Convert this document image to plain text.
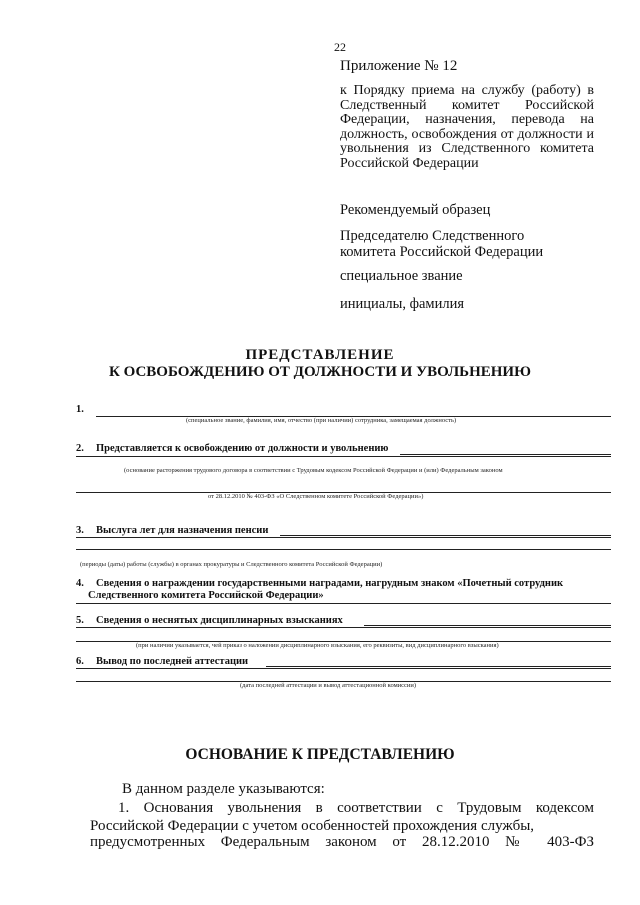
22
Приложение № 12
к Порядку приема на службу (работу) в Следственный комитет Российской Федерации, назначения, перевода на должность, освобождения от должности и увольнения из Следственного комитета Российской Федерации
Рекомендуемый образец
Председателю Следственного комитета Российской Федерации
специальное звание
инициалы, фамилия
ПРЕДСТАВЛЕНИЕ
К ОСВОБОЖДЕНИЮ ОТ ДОЛЖНОСТИ И УВОЛЬНЕНИЮ
1.
(специальное звание, фамилия, имя, отчество (при наличии) сотрудника, замещаемая должность)
2. Представляется к освобождению от должности и увольнению
(основание расторжения трудового договора в соответствии с Трудовым кодексом Российской Федерации и (или) Федеральным законом
от 28.12.2010 № 403-ФЗ «О Следственном комитете Российской Федерации»)
3. Выслуга лет для назначения пенсии
(периоды (даты) работы (службы) в органах прокуратуры и Следственного комитета Российской Федерации)
4. Сведения о награждении государственными наградами, нагрудным знаком «Почетный сотрудник
Следственного комитета Российской Федерации»
5. Сведения о неснятых дисциплинарных взысканиях
(при наличии указывается, чей приказ о наложении дисциплинарного взыскания, его реквизиты, вид дисциплинарного взыскания)
6. Вывод по последней аттестации
(дата последней аттестации и вывод аттестационной комиссии)
ОСНОВАНИЕ К ПРЕДСТАВЛЕНИЮ
В данном разделе указываются:
1. Основания увольнения в соответствии с Трудовым кодексом Российской Федерации с учетом особенностей прохождения службы,
предусмотренных Федеральным законом от 28.12.2010 № 403-ФЗ
